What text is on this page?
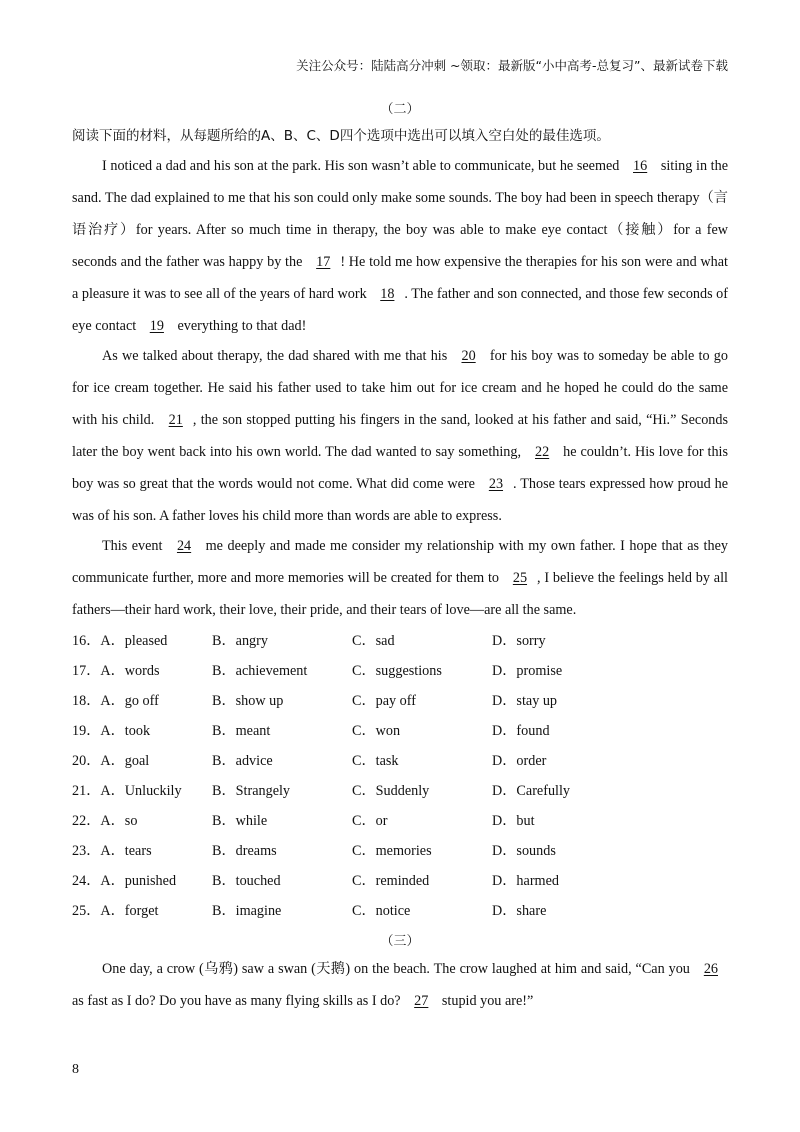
关注公众号：陆陆高分冲刺 ~领取：最新版“小中高考-总复习”、最新试卷下载
（二）
阅读下面的材料，从每题所给的A、B、C、D四个选项中选出可以填入空白处的最佳选项。

I noticed a dad and his son at the park. His son wasn’t able to communicate, but he seemed 16 siting in the sand. The dad explained to me that his son could only make some sounds. The boy had been in speech therapy（言语治疗）for years. After so much time in therapy, the boy was able to make eye contact（接触）for a few seconds and the father was happy by the 17 ! He told me how expensive the therapies for his son were and what a pleasure it was to see all of the years of hard work 18 . The father and son connected, and those few seconds of eye contact 19 everything to that dad!

As we talked about therapy, the dad shared with me that his 20 for his boy was to someday be able to go for ice cream together. He said his father used to take him out for ice cream and he hoped he could do the same with his child. 21 , the son stopped putting his fingers in the sand, looked at his father and said, “Hi.” Seconds later the boy went back into his own world. The dad wanted to say something, 22 he couldn’t. His love for this boy was so great that the words would not come. What did come were 23 . Those tears expressed how proud he was of his son. A father loves his child more than words are able to express.

This event 24 me deeply and made me consider my relationship with my own father. I hope that as they communicate further, more and more memories will be created for them to 25 , I believe the feelings held by all fathers—their hard work, their love, their pride, and their tears of love—are all the same.

16．A．pleased	B．angry	C．sad	D．sorry
17．A．words	B．achievement	C．suggestions	D．promise
18．A．go off	B．show up	C．pay off	D．stay up
19．A．took	B．meant	C．won	D．found
20．A．goal	B．advice	C．task	D．order
21．A．Unluckily B．Strangely	C．Suddenly	D．Carefully
22．A．so	B．while	C．or	D．but
23．A．tears	B．dreams	C．memories	D．sounds
24．A．punished	B．touched	C．reminded	D．harmed
25．A．forget	B．imagine	C．notice	D．share
（三）

One day, a crow (乌鸦) saw a swan (天鹅) on the beach. The crow laughed at him and said, “Can you 26 as fast as I do? Do you have as many flying skills as I do? 27 stupid you are!”

8
